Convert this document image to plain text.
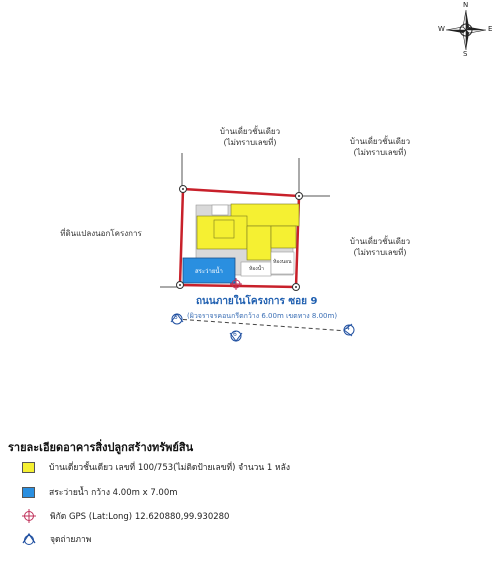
N
S
W	E
บ้านเดี่ยวชั้นเดียว
(ไม่ทราบเลขที่)	บ้านเดี่ยวชั้นเดียว
(ไม่ทราบเลขที่)
บ้านเดี่ยวชั้นเดียว
(ไม่ทราบเลขที่)
ที่ดินแปลงนอกโครงการ
สระว่ายน้ำ	ห้องน้ำ
ห้องนอน
5
6
4
ถนนภายในโครงการ ซอย 9
(ผิวจราจรคอนกรีตกว้าง 6.00m เขตทาง 8.00m)
รายละเอียดอาคารสิ่งปลูกสร้างทรัพย์สิน
บ้านเดี่ยวชั้นเดียว เลขที่ 100/753(ไม่ติดป้ายเลขที่) จำนวน 1 หลัง
สระว่ายน้ำ กว้าง 4.00m x 7.00m
พิกัด GPS (Lat:Long) 12.620880,99.930280
จุดถ่ายภาพ
